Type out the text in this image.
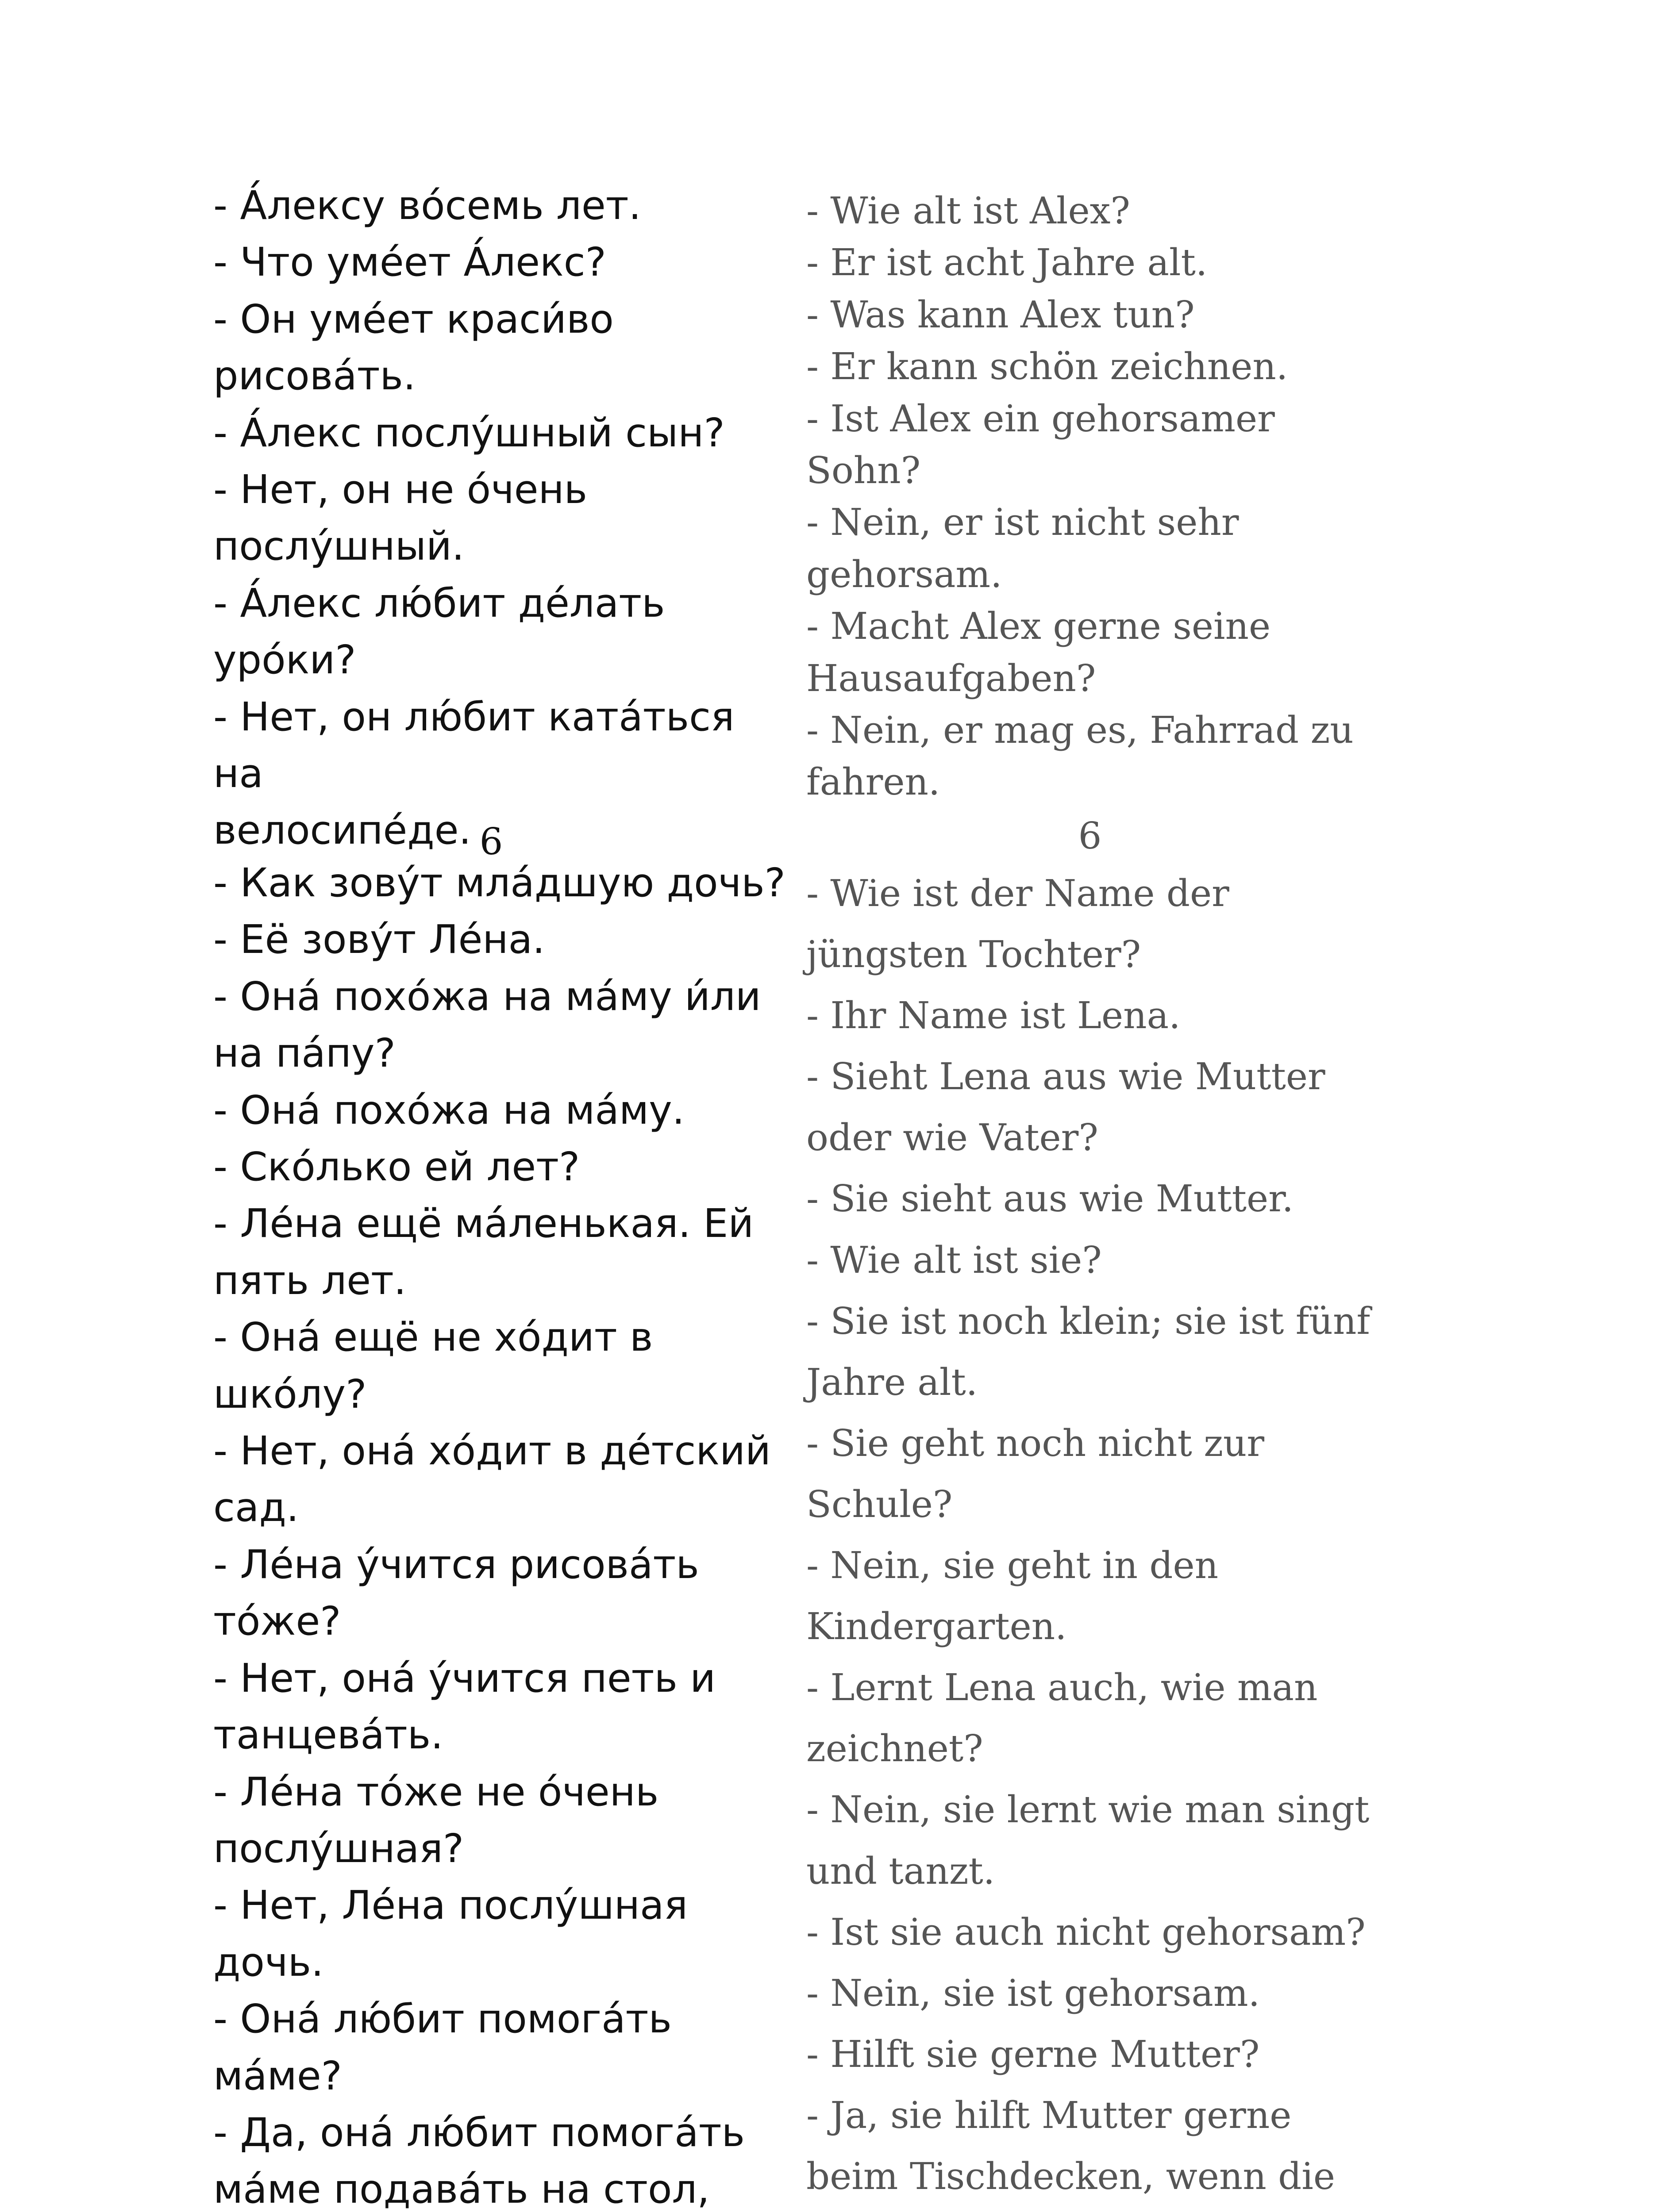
- А́лексу во́семь лет.

- Что уме́ет А́лекс?

- Он уме́ет краси́во
рисова́ть.

- А́лекс послу́шный сын?

- Нет, он не о́чень
послу́шный.

- А́лекс лю́бит де́лать
уро́ки?

- Нет, он лю́бит ката́ться на
велосипе́де. 6

- Как зову́т мла́дшую дочь?

- Её зову́т Ле́на.

- Она́ похо́жа на ма́му и́ли
на па́пу?

- Она́ похо́жа на ма́му.

- Ско́лько ей лет?

- Ле́на ещё ма́ленькая. Ей
пять лет.

- Она́ ещё не хо́дит в
шко́лу?

- Нет, она́ хо́дит в де́тский
сад.

- Ле́на у́чится рисова́ть
то́же?

- Нет, она́ у́чится петь и
танцева́ть.

- Ле́на то́же не о́чень
послу́шная?

- Нет, Ле́на послу́шная
дочь.

- Она́ лю́бит помога́ть
ма́ме?

- Да, она́ лю́бит помога́ть
ма́ме подава́ть на стол,

- Wie alt ist Alex?

- Er ist acht Jahre alt.

- Was kann Alex tun?

- Er kann schön zeichnen.

- Ist Alex ein gehorsamer
Sohn?

- Nein, er ist nicht sehr
gehorsam.

- Macht Alex gerne seine
Hausaufgaben?

- Nein, er mag es, Fahrrad zu
fahren.

6

- Wie ist der Name der
jüngsten Tochter?

- Ihr Name ist Lena.

- Sieht Lena aus wie Mutter
oder wie Vater?

- Sie sieht aus wie Mutter.

- Wie alt ist sie?

- Sie ist noch klein; sie ist fünf
Jahre alt.

- Sie geht noch nicht zur
Schule?

- Nein, sie geht in den
Kindergarten.

- Lernt Lena auch, wie man
zeichnet?

- Nein, sie lernt wie man singt
und tanzt.

- Ist sie auch nicht gehorsam?

- Nein, sie ist gehorsam.

- Hilft sie gerne Mutter?

- Ja, sie hilft Mutter gerne
beim Tischdecken, wenn die
